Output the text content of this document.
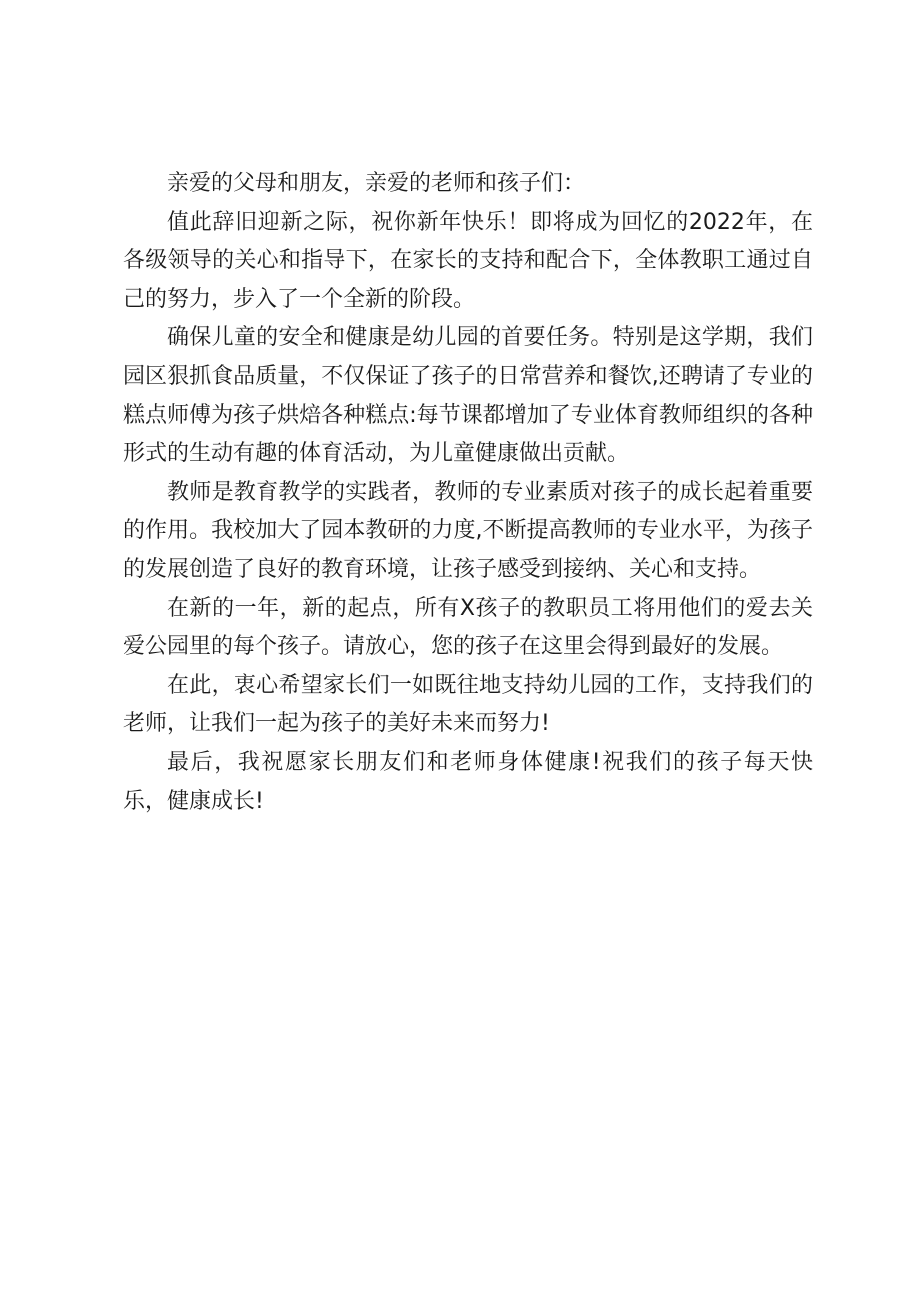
亲爱的父母和朋友，亲爱的老师和孩子们：

值此辞旧迎新之际，祝你新年快乐！即将成为回忆的2022年，在各级领导的关心和指导下，在家长的支持和配合下，全体教职工通过自己的努力，步入了一个全新的阶段。

确保儿童的安全和健康是幼儿园的首要任务。特别是这学期，我们园区狠抓食品质量，不仅保证了孩子的日常营养和餐饮,还聘请了专业的糕点师傅为孩子烘焙各种糕点:每节课都增加了专业体育教师组织的各种形式的生动有趣的体育活动，为儿童健康做出贡献。

教师是教育教学的实践者，教师的专业素质对孩子的成长起着重要的作用。我校加大了园本教研的力度,不断提高教师的专业水平，为孩子的发展创造了良好的教育环境，让孩子感受到接纳、关心和支持。

在新的一年，新的起点，所有X孩子的教职员工将用他们的爱去关爱公园里的每个孩子。请放心，您的孩子在这里会得到最好的发展。

在此，衷心希望家长们一如既往地支持幼儿园的工作，支持我们的老师，让我们一起为孩子的美好未来而努力!

最后，我祝愿家长朋友们和老师身体健康!祝我们的孩子每天快乐，健康成长!
